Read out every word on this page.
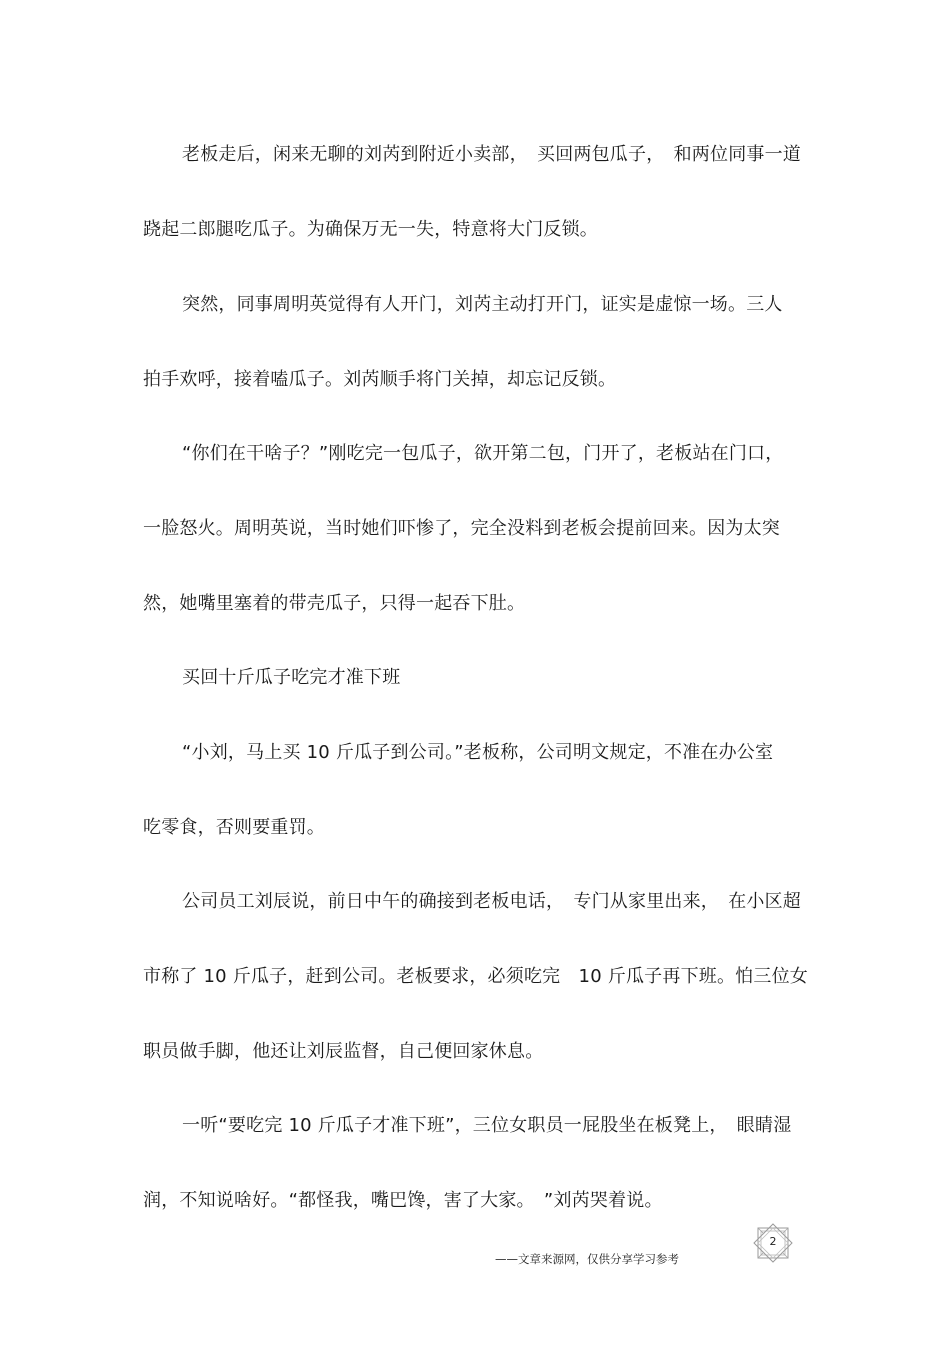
老板走后，闲来无聊的刘芮到附近小卖部，　买回两包瓜子，　和两位同事一道
跷起二郎腿吃瓜子。为确保万无一失，特意将大门反锁。
突然，同事周明英觉得有人开门，刘芮主动打开门，证实是虚惊一场。三人
拍手欢呼，接着嗑瓜子。刘芮顺手将门关掉，却忘记反锁。
“你们在干啥子？”刚吃完一包瓜子，欲开第二包，门开了，老板站在门口，
一脸怒火。周明英说，当时她们吓惨了，完全没料到老板会提前回来。因为太突
然，她嘴里塞着的带壳瓜子，只得一起吞下肚。
买回十斤瓜子吃完才准下班
“小刘，马上买 10 斤瓜子到公司。”老板称，公司明文规定，不准在办公室
吃零食，否则要重罚。
公司员工刘辰说，前日中午的确接到老板电话，　专门从家里出来，　在小区超
市称了 10 斤瓜子，赶到公司。老板要求，必须吃完　10 斤瓜子再下班。怕三位女
职员做手脚，他还让刘辰监督，自己便回家休息。
一听“要吃完 10 斤瓜子才准下班”，三位女职员一屁股坐在板凳上，　眼睛湿
润，不知说啥好。“都怪我，嘴巴馋，害了大家。　”刘芮哭着说。
——文章来源网，仅供分享学习参考
2
